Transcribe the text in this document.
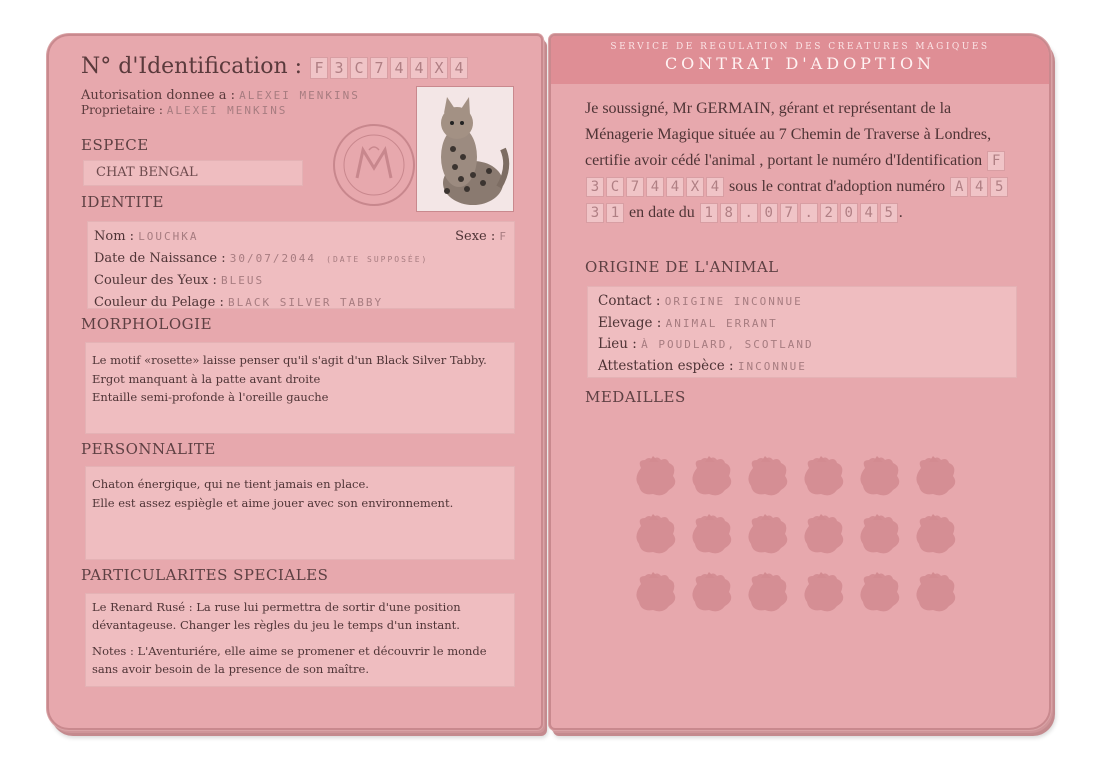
N° d'Identification : F 3 C 7 4 4 X 4
Autorisation donnee a : ALEXEI MENKINS
Proprietaire : ALEXEI MENKINS
ESPECE
CHAT BENGAL
IDENTITE
Nom : LOUCHKA	Sexe : F
Date de Naissance : 30/07/2044 (DATE SUPPOSÉE)
Couleur des Yeux : BLEUS
Couleur du Pelage : BLACK SILVER TABBY
MORPHOLOGIE
Le motif «rosette» laisse penser qu'il s'agit d'un Black Silver Tabby.
Ergot manquant à la patte avant droite
Entaille semi-profonde à l'oreille gauche
PERSONNALITE
Chaton énergique, qui ne tient jamais en place.
Elle est assez espiègle et aime jouer avec son environnement.
PARTICULARITES SPECIALES

Le Renard Rusé : La ruse lui permettra de sortir d'une position dévantageuse. Changer les règles du jeu le temps d'un instant.

Notes : L'Aventuriére, elle aime se promener et découvrir le monde sans avoir besoin de la presence de son maître.

SERVICE DE REGULATION DES CREATURES MAGIQUES
CONTRAT D'ADOPTION
Je soussigné, Mr GERMAIN, gérant et représentant de la Ménagerie Magique située au 7 Chemin de Traverse à Londres, certifie avoir cédé l'animal , portant le numéro d'Identification F3 C 7 4 4 X 4 sous le contrat d'adoption numéro A 4 53 1 en date du 1 8 . 0 7 . 2 0 4 5 .
ORIGINE DE L'ANIMAL
Contact : ORIGINE INCONNUE
Elevage : ANIMAL ERRANT
Lieu : À POUDLARD, SCOTLAND
Attestation espèce : INCONNUE
MEDAILLES
